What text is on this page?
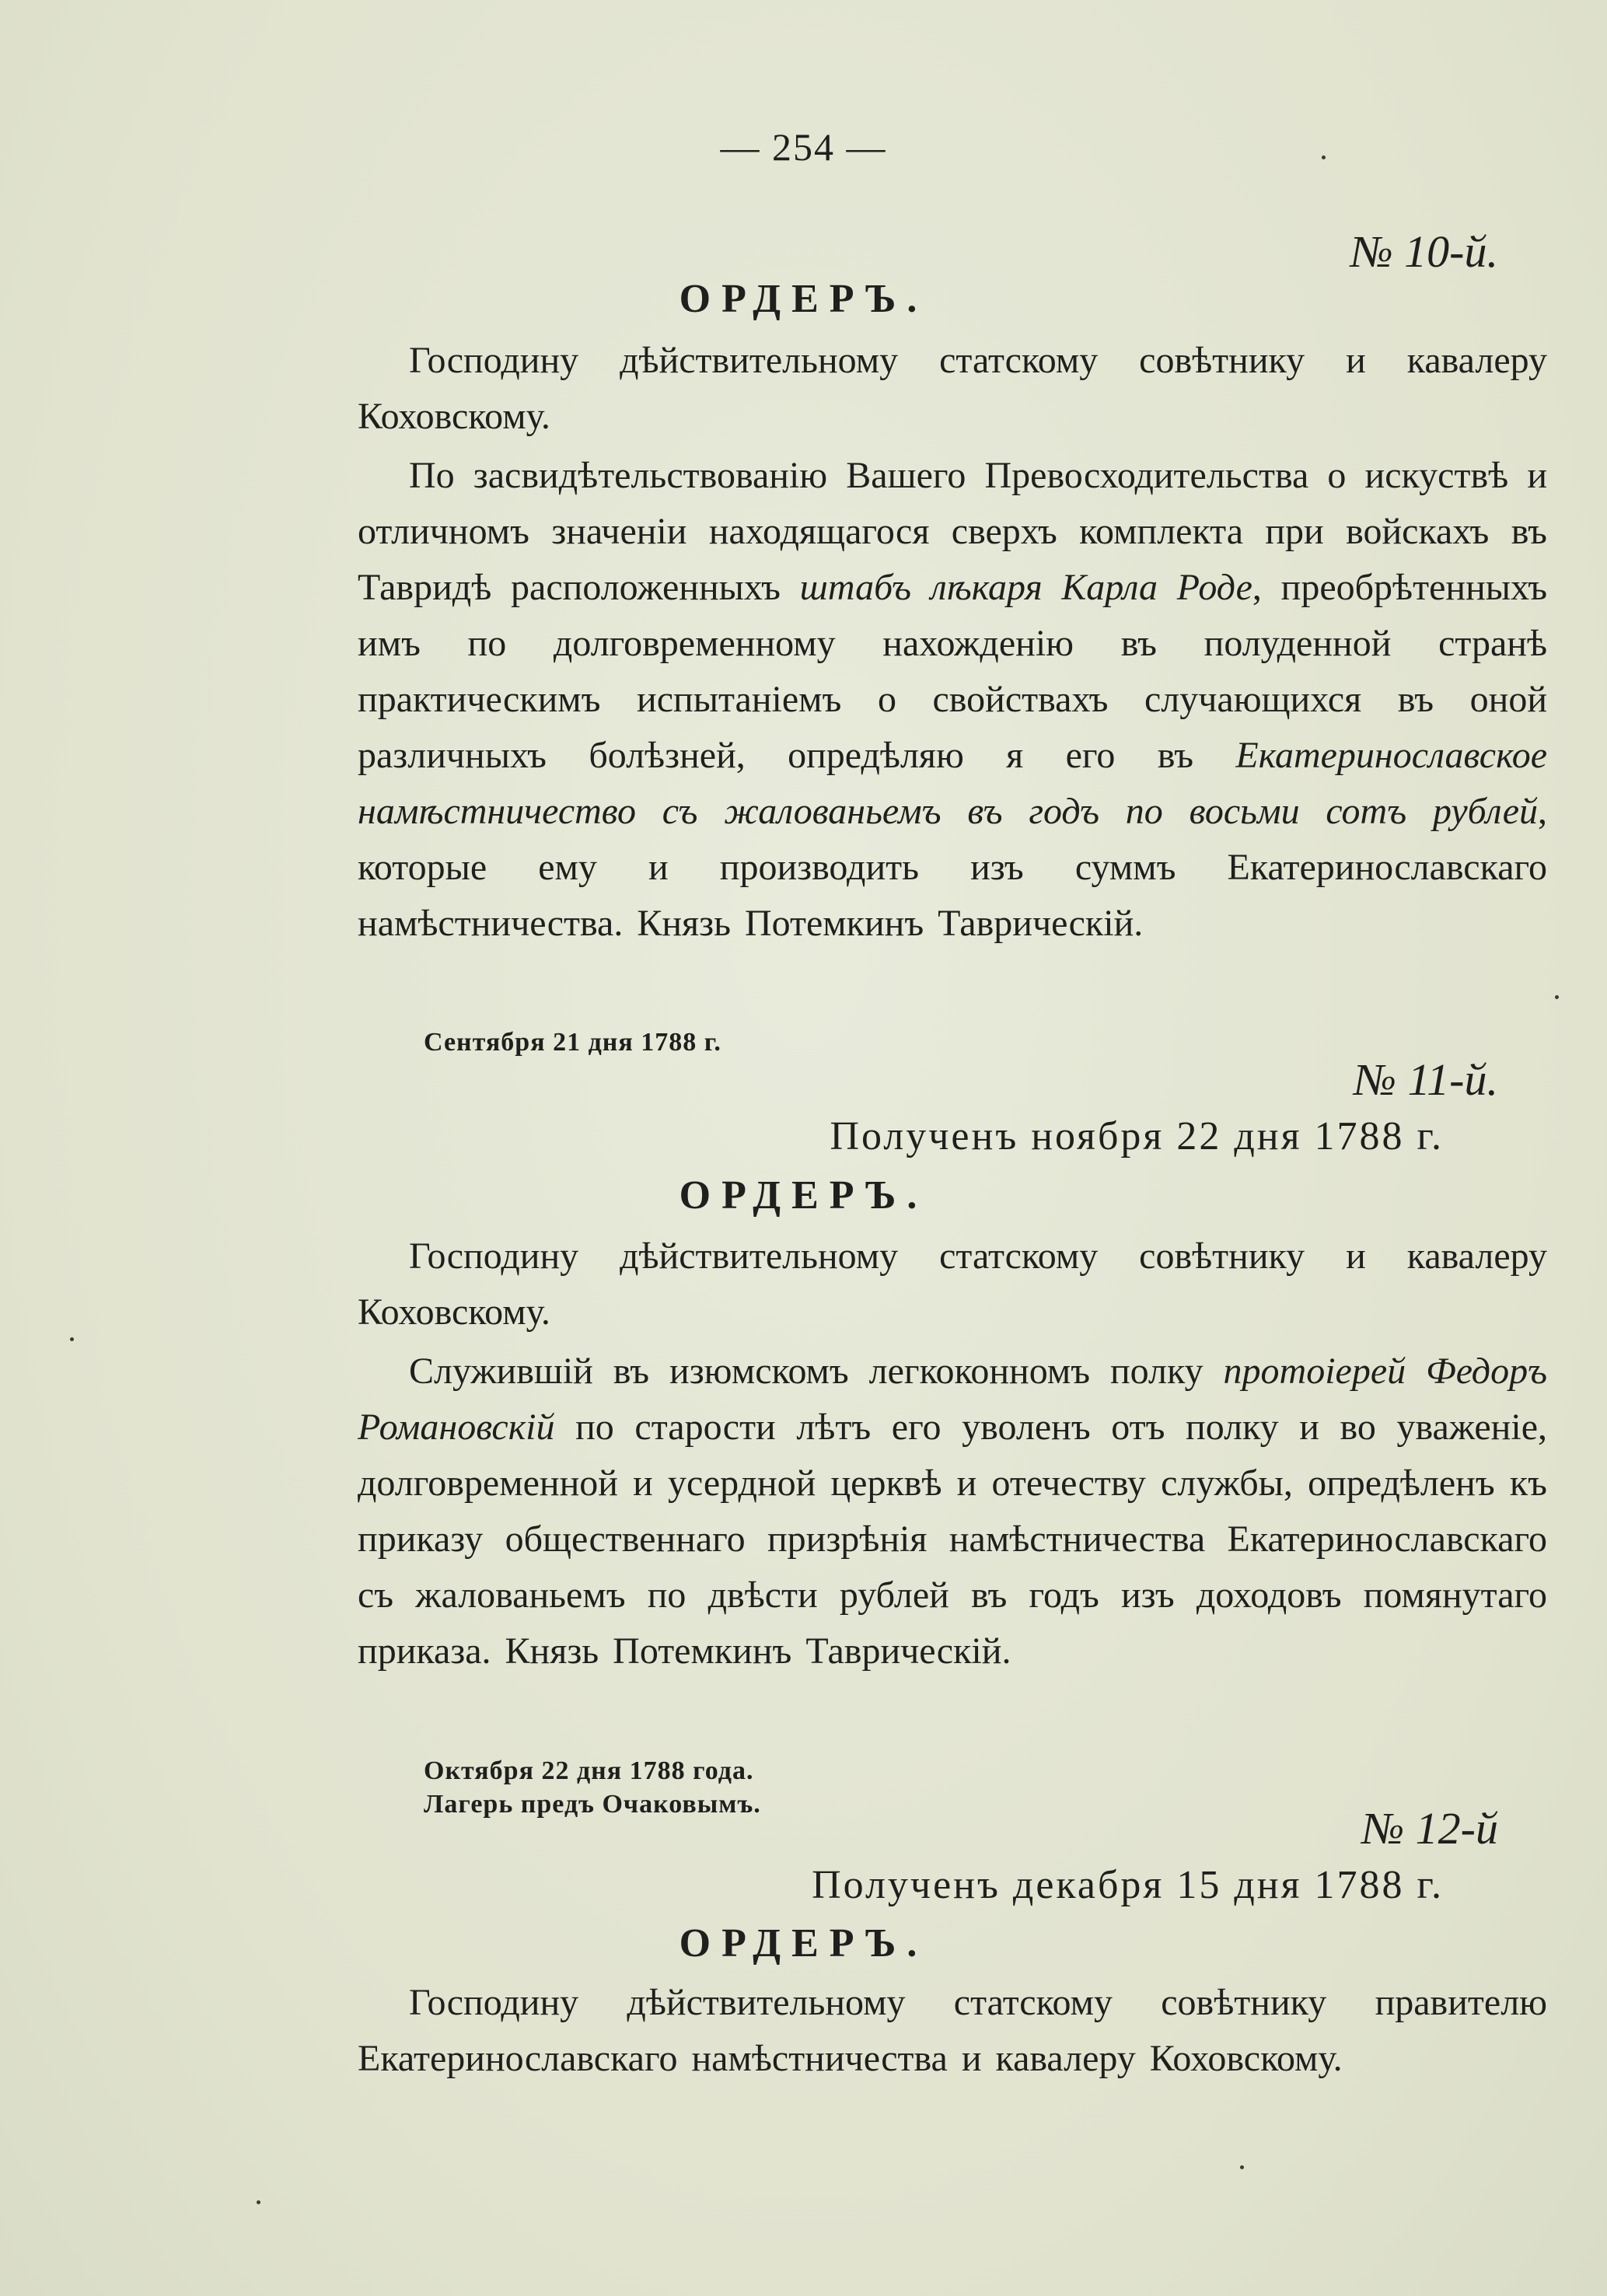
— 254 —
№ 10-й.
ОРДЕРЪ.
Господину дѣйствительному статскому совѣтнику и кавалеру Коховскому.
По засвидѣтельствованію Вашего Превосходительства о искуствѣ и отличномъ значеніи находящагося сверхъ комплекта при войскахъ въ Тавридѣ расположенныхъ штабъ лѣкаря Карла Роде, преобрѣтенныхъ имъ по долговременному нахожденію въ полуденной странѣ практическимъ испытаніемъ о свойствахъ случающихся въ оной различныхъ болѣзней, опредѣляю я его въ Екатеринославское намѣстничество съ жалованьемъ въ годъ по восьми сотъ рублей, которые ему и производить изъ суммъ Екатеринославскаго намѣстничества. Князь Потемкинъ Таврическій.
Сентября 21 дня 1788 г.
№ 11-й.
Полученъ ноября 22 дня 1788 г.
ОРДЕРЪ.
Господину дѣйствительному статскому совѣтнику и кавалеру Коховскому.
Служившій въ изюмскомъ легкоконномъ полку протоіерей Федоръ Романовскій по старости лѣтъ его уволенъ отъ полку и во уваженіе, долговременной и усердной церквѣ и отечеству службы, опредѣленъ къ приказу общественнаго призрѣнія намѣстничества Екатеринославскаго съ жалованьемъ по двѣсти рублей въ годъ изъ доходовъ помянутаго приказа. Князь Потемкинъ Таврическій.
Октября 22 дня 1788 года.
Лагерь предъ Очаковымъ.	№ 12-й
Полученъ декабря 15 дня 1788 г.
ОРДЕРЪ.
Господину дѣйствительному статскому совѣтнику правителю Екатеринославскаго намѣстничества и кавалеру Коховскому.
